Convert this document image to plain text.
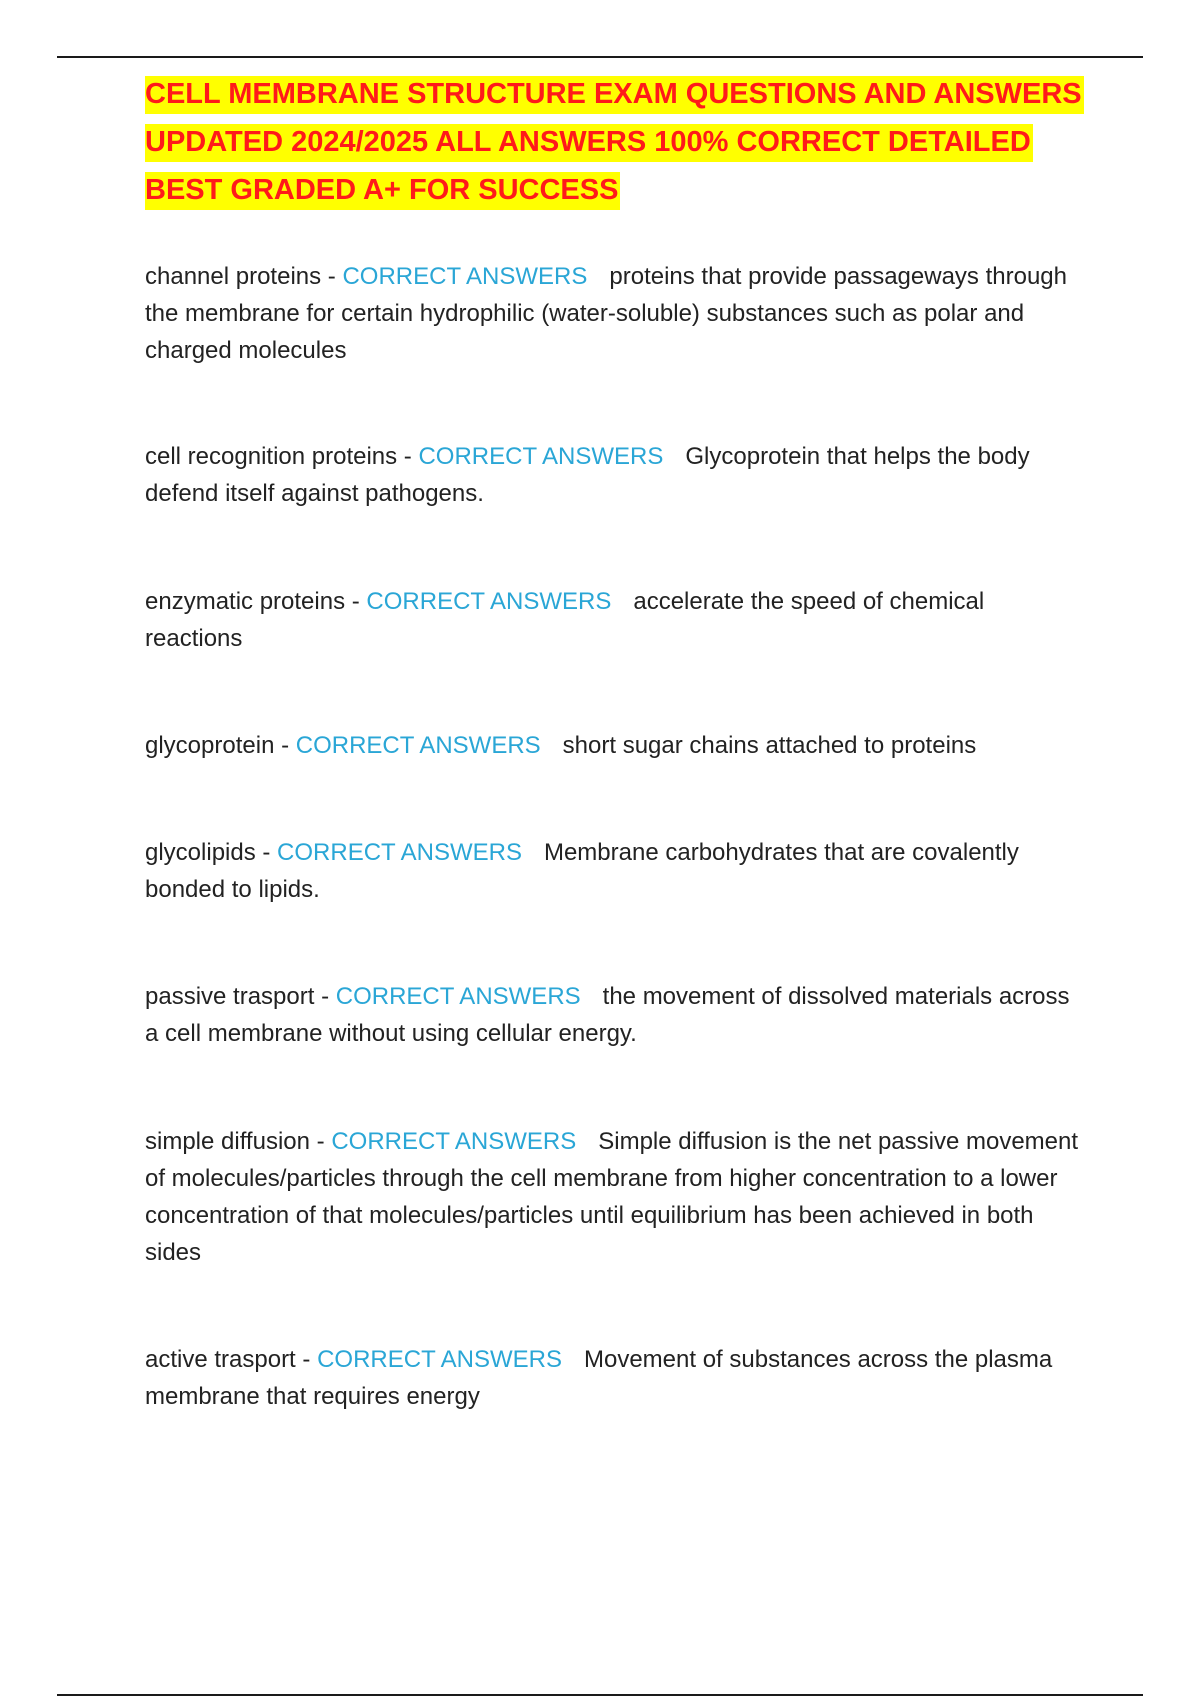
CELL MEMBRANE STRUCTURE EXAM QUESTIONS AND ANSWERS UPDATED 2024/2025 ALL ANSWERS 100% CORRECT DETAILED BEST GRADED A+ FOR SUCCESS

channel proteins - CORRECT ANSWERS proteins that provide passageways through the membrane for certain hydrophilic (water-soluble) substances such as polar and charged molecules

cell recognition proteins - CORRECT ANSWERS Glycoprotein that helps the body defend itself against pathogens.

enzymatic proteins - CORRECT ANSWERS accelerate the speed of chemical reactions

glycoprotein - CORRECT ANSWERS short sugar chains attached to proteins

glycolipids - CORRECT ANSWERS Membrane carbohydrates that are covalently bonded to lipids.

passive trasport - CORRECT ANSWERS the movement of dissolved materials across a cell membrane without using cellular energy.

simple diffusion - CORRECT ANSWERS Simple diffusion is the net passive movement of molecules/particles through the cell membrane from higher concentration to a lower concentration of that molecules/particles until equilibrium has been achieved in both sides

active trasport - CORRECT ANSWERS Movement of substances across the plasma membrane that requires energy
